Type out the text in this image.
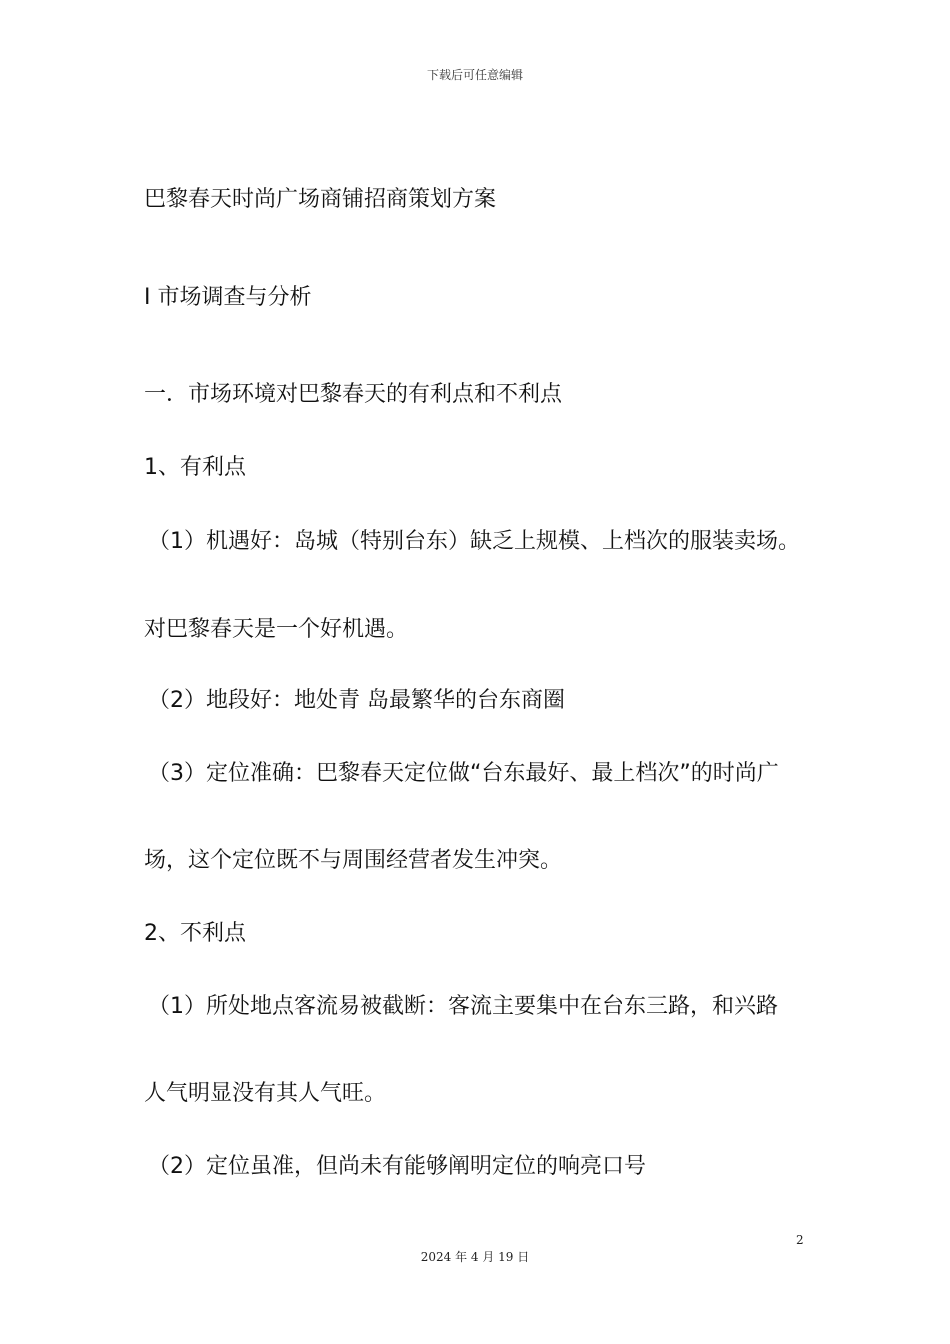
下载后可任意编辑
巴黎春天时尚广场商铺招商策划方案
Ⅰ 市场调查与分析
一．市场环境对巴黎春天的有利点和不利点
1、有利点
（1）机遇好：岛城（特别台东）缺乏上规模、上档次的服装卖场。
对巴黎春天是一个好机遇。
（2）地段好：地处青 岛最繁华的台东商圈
（3）定位准确：巴黎春天定位做“台东最好、最上档次”的时尚广
场，这个定位既不与周围经营者发生冲突。
2、不利点
（1）所处地点客流易被截断：客流主要集中在台东三路，和兴路
人气明显没有其人气旺。
（2）定位虽准，但尚未有能够阐明定位的响亮口号
2
2024 年 4 月 19 日
